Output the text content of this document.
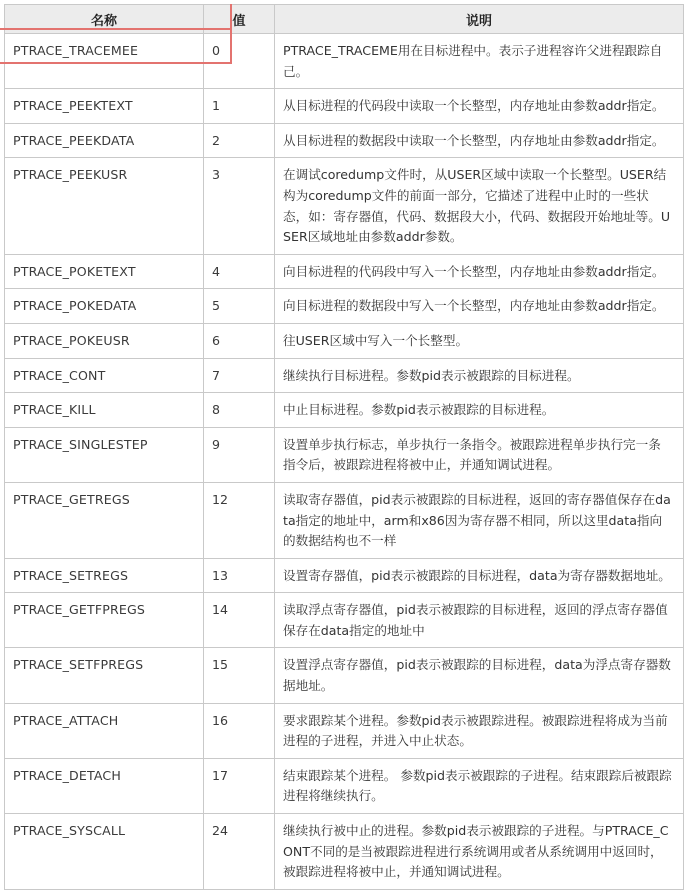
名称	值	说明
PTRACE_TRACEMEE	0	PTRACE_TRACEME用在目标进程中。表示子进程容许父进程跟踪自己。
PTRACE_PEEKTEXT	1	从目标进程的代码段中读取一个长整型，内存地址由参数addr指定。
PTRACE_PEEKDATA	2	从目标进程的数据段中读取一个长整型，内存地址由参数addr指定。
PTRACE_PEEKUSR	3	在调试coredump文件时，从USER区域中读取一个长整型。USER结构为coredump文件的前面一部分，它描述了进程中止时的一些状态，如：寄存器值，代码、数据段大小，代码、数据段开始地址等。USER区域地址由参数addr参数。
PTRACE_POKETEXT	4	向目标进程的代码段中写入一个长整型，内存地址由参数addr指定。
PTRACE_POKEDATA	5	向目标进程的数据段中写入一个长整型，内存地址由参数addr指定。
PTRACE_POKEUSR	6	往USER区域中写入一个长整型。
PTRACE_CONT	7	继续执行目标进程。参数pid表示被跟踪的目标进程。
PTRACE_KILL	8	中止目标进程。参数pid表示被跟踪的目标进程。
PTRACE_SINGLESTEP	9	设置单步执行标志，单步执行一条指令。被跟踪进程单步执行完一条指令后，被跟踪进程将被中止，并通知调试进程。
PTRACE_GETREGS	12	读取寄存器值，pid表示被跟踪的目标进程，返回的寄存器值保存在data指定的地址中，arm和x86因为寄存器不相同，所以这里data指向的数据结构也不一样
PTRACE_SETREGS	13	设置寄存器值，pid表示被跟踪的目标进程，data为寄存器数据地址。
PTRACE_GETFPREGS	14	读取浮点寄存器值，pid表示被跟踪的目标进程，返回的浮点寄存器值保存在data指定的地址中
PTRACE_SETFPREGS	15	设置浮点寄存器值，pid表示被跟踪的目标进程，data为浮点寄存器数据地址。
PTRACE_ATTACH	16	要求跟踪某个进程。参数pid表示被跟踪进程。被跟踪进程将成为当前进程的子进程，并进入中止状态。
PTRACE_DETACH	17	结束跟踪某个进程。 参数pid表示被跟踪的子进程。结束跟踪后被跟踪进程将继续执行。
PTRACE_SYSCALL	24	继续执行被中止的进程。参数pid表示被跟踪的子进程。与PTRACE_CONT不同的是当被跟踪进程进行系统调用或者从系统调用中返回时，被跟踪进程将被中止，并通知调试进程。
